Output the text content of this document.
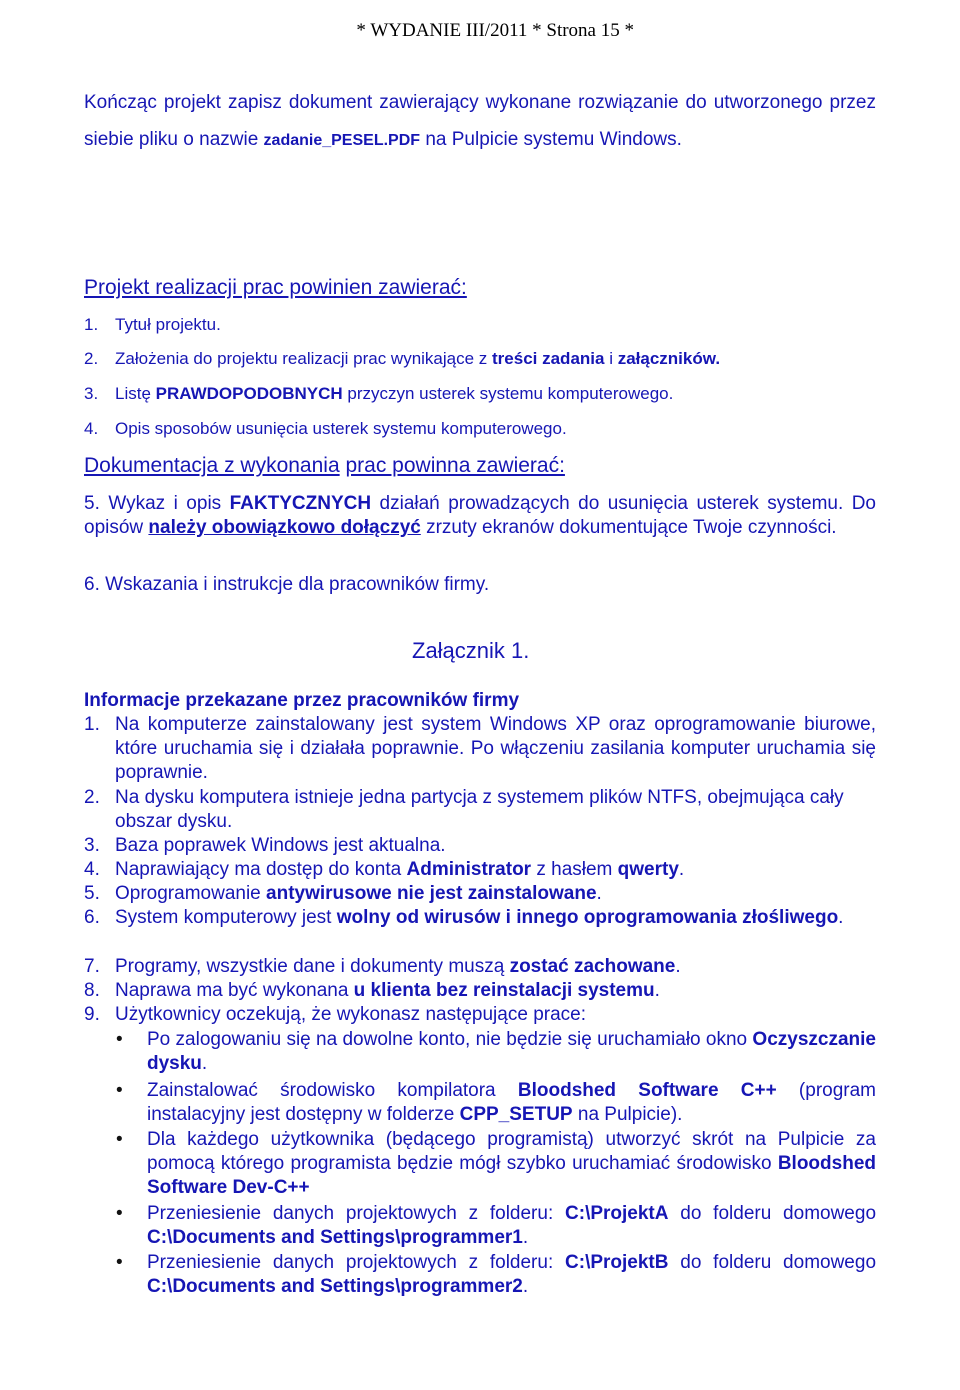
* WYDANIE III/2011 * Strona 15 *
Kończąc projekt zapisz dokument zawierający wykonane rozwiązanie do utworzonego przez siebie pliku o nazwie zadanie_PESEL.PDF na Pulpicie systemu Windows.
Projekt realizacji prac powinien zawierać:
1. Tytuł projektu.
2. Założenia do projektu realizacji prac wynikające z treści zadania i załączników.
3. Listę PRAWDOPODOBNYCH przyczyn usterek systemu komputerowego.
4. Opis sposobów usunięcia usterek systemu komputerowego.
Dokumentacja z wykonania prac powinna zawierać:
5. Wykaz i opis FAKTYCZNYCH działań prowadzących do usunięcia usterek systemu. Do opisów należy obowiązkowo dołączyć zrzuty ekranów dokumentujące Twoje czynności.
6. Wskazania i instrukcje dla pracowników firmy.
Załącznik 1.
Informacje przekazane przez pracowników firmy
1. Na komputerze zainstalowany jest system Windows XP oraz oprogramowanie biurowe, które uruchamia się i działała poprawnie. Po włączeniu zasilania komputer uruchamia się poprawnie.
2. Na dysku komputera istnieje jedna partycja z systemem plików NTFS, obejmująca cały obszar dysku.
3. Baza poprawek Windows jest aktualna.
4. Naprawiający ma dostęp do konta Administrator z hasłem qwerty.
5. Oprogramowanie antywirusowe nie jest zainstalowane.
6. System komputerowy jest wolny od wirusów i innego oprogramowania złośliwego.
7. Programy, wszystkie dane i dokumenty muszą zostać zachowane.
8. Naprawa ma być wykonana u klienta bez reinstalacji systemu.
9. Użytkownicy oczekują, że wykonasz następujące prace:
• Po zalogowaniu się na dowolne konto, nie będzie się uruchamiało okno Oczyszczanie dysku.
• Zainstalować środowisko kompilatora Bloodshed Software C++ (program instalacyjny jest dostępny w folderze CPP_SETUP na Pulpicie).
• Dla każdego użytkownika (będącego programistą) utworzyć skrót na Pulpicie za pomocą którego programista będzie mógł szybko uruchamiać środowisko Bloodshed Software Dev-C++
• Przeniesienie danych projektowych z folderu: C:\ProjektA do folderu domowego C:\Documents and Settings\programmer1.
• Przeniesienie danych projektowych z folderu: C:\ProjektB do folderu domowego C:\Documents and Settings\programmer2.
